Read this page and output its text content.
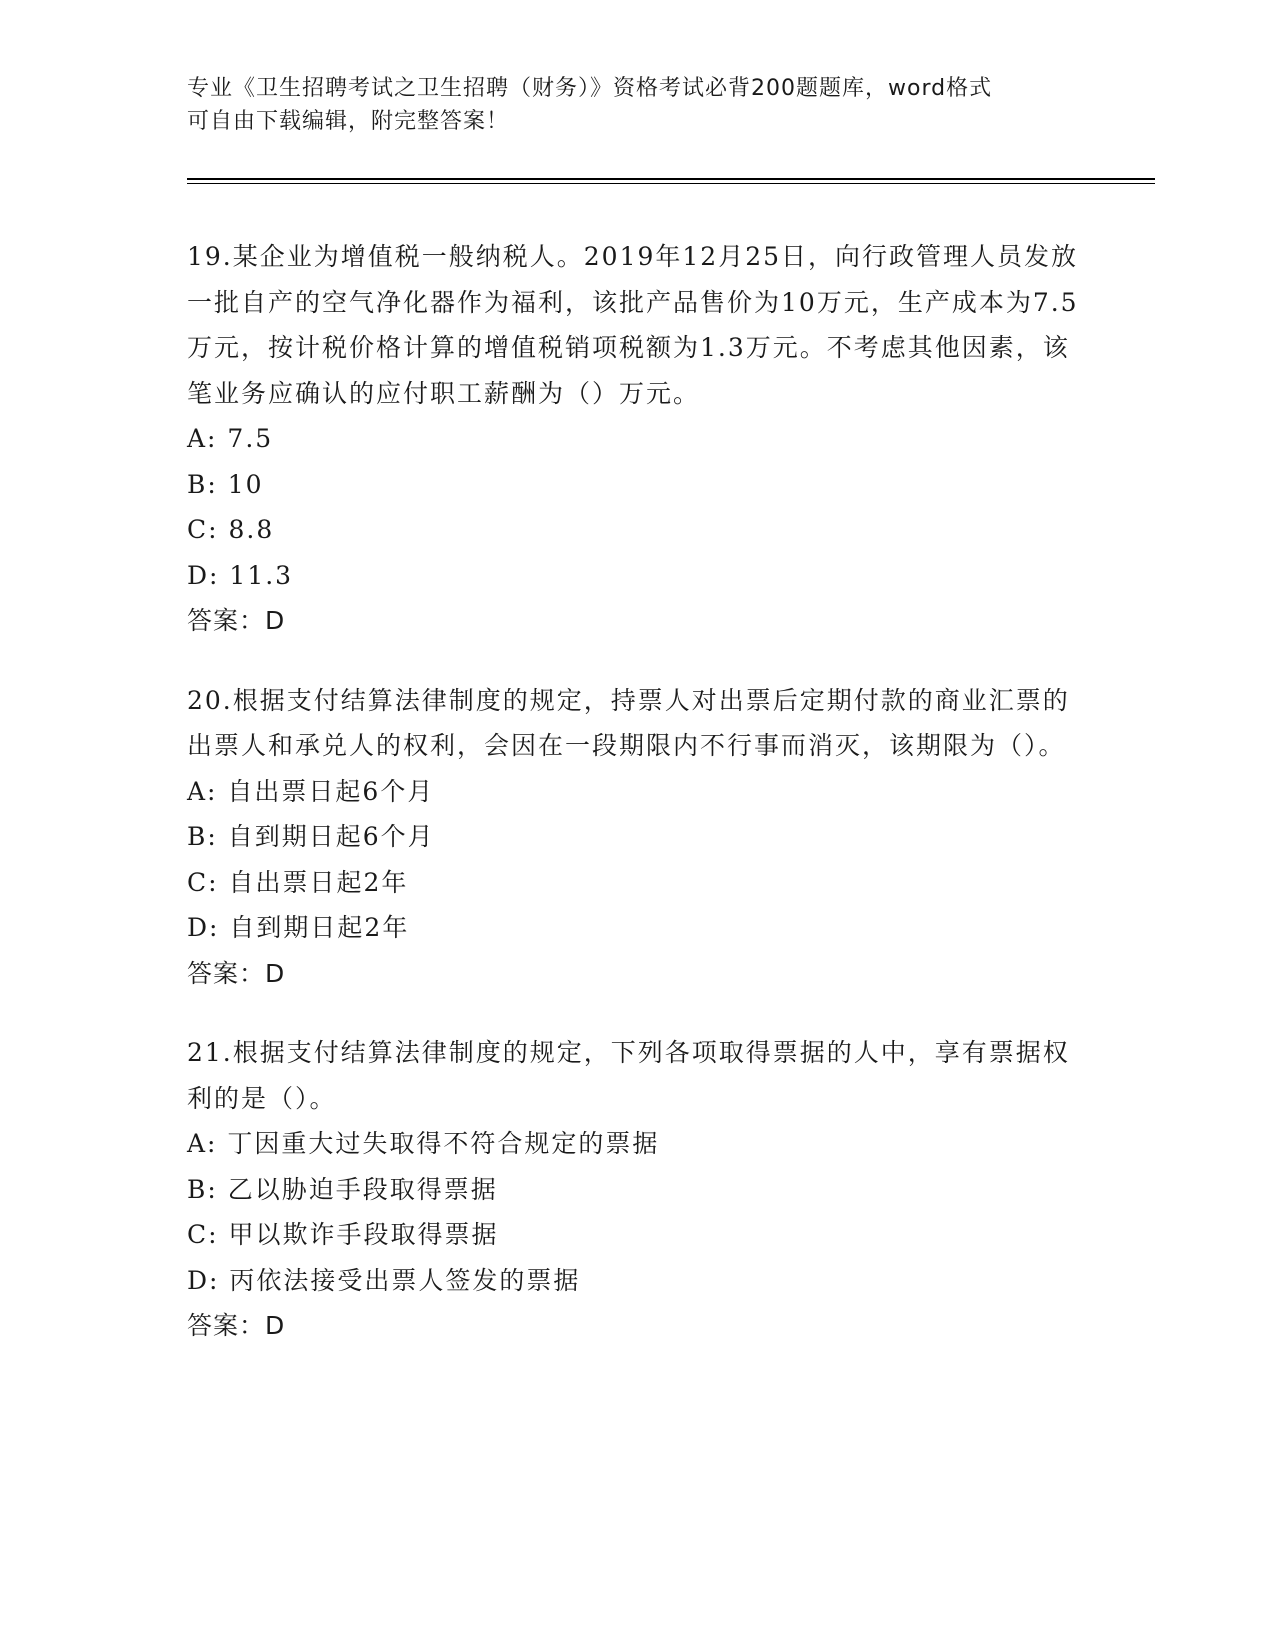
专业《卫生招聘考试之卫生招聘（财务）》资格考试必背200题题库，word格式
可自由下载编辑，附完整答案！
19.某企业为增值税一般纳税人。2019年12月25日，向行政管理人员发放一批自产的空气净化器作为福利，该批产品售价为10万元，生产成本为7.5万元，按计税价格计算的增值税销项税额为1.3万元。不考虑其他因素，该笔业务应确认的应付职工薪酬为（）万元。
A: 7.5
B: 10
C: 8.8
D: 11.3
答案：D
20.根据支付结算法律制度的规定，持票人对出票后定期付款的商业汇票的出票人和承兑人的权利，会因在一段期限内不行事而消灭，该期限为（）。
A: 自出票日起6个月
B: 自到期日起6个月
C: 自出票日起2年
D: 自到期日起2年
答案：D
21.根据支付结算法律制度的规定，下列各项取得票据的人中，享有票据权利的是（）。
A: 丁因重大过失取得不符合规定的票据
B: 乙以胁迫手段取得票据
C: 甲以欺诈手段取得票据
D: 丙依法接受出票人签发的票据
答案：D
